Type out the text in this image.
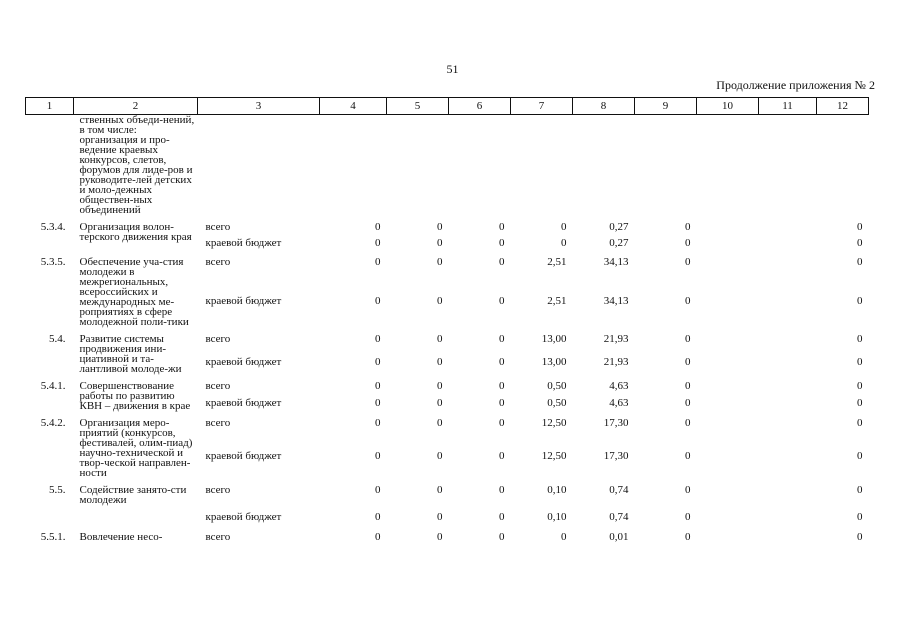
51
Продолжение приложения № 2
1	2	3	4	5	6	7	8	9	10	11	12
	ственных объеди-нений, в том числе: организация и про-ведение краевых конкурсов, слетов, форумов для лиде-ров и руководите-лей детских и моло-дежных обществен-ных объединений										
5.3.4.	Организация волон-терского движения края	всего	0	0	0	0	0,27	0			0
		краевой бюджет	0	0	0	0	0,27	0			0
5.3.5.	Обеспечение уча-стия молодежи в межрегиональных, всероссийских и международных ме-роприятиях в сфере молодежной поли-тики	всего	0	0	0	2,51	34,13	0			0
		краевой бюджет	0	0	0	2,51	34,13	0			0
5.4.	Развитие системы продвижения ини-циативной и та-лантливой молоде-жи	всего	0	0	0	13,00	21,93	0			0
		краевой бюджет	0	0	0	13,00	21,93	0			0
5.4.1.	Совершенствование работы по развитию КВН – движения в крае	всего	0	0	0	0,50	4,63	0			0
		краевой бюджет	0	0	0	0,50	4,63	0			0
5.4.2.	Организация меро-приятий (конкурсов, фестивалей, олим-пиад) научно-технической и твор-ческой направлен-ности	всего	0	0	0	12,50	17,30	0			0
		краевой бюджет	0	0	0	12,50	17,30	0			0
5.5.	Содействие занято-сти молодежи	всего	0	0	0	0,10	0,74	0			0
		краевой бюджет	0	0	0	0,10	0,74	0			0
5.5.1.	Вовлечение несо-	всего	0	0	0	0	0,01	0			0
